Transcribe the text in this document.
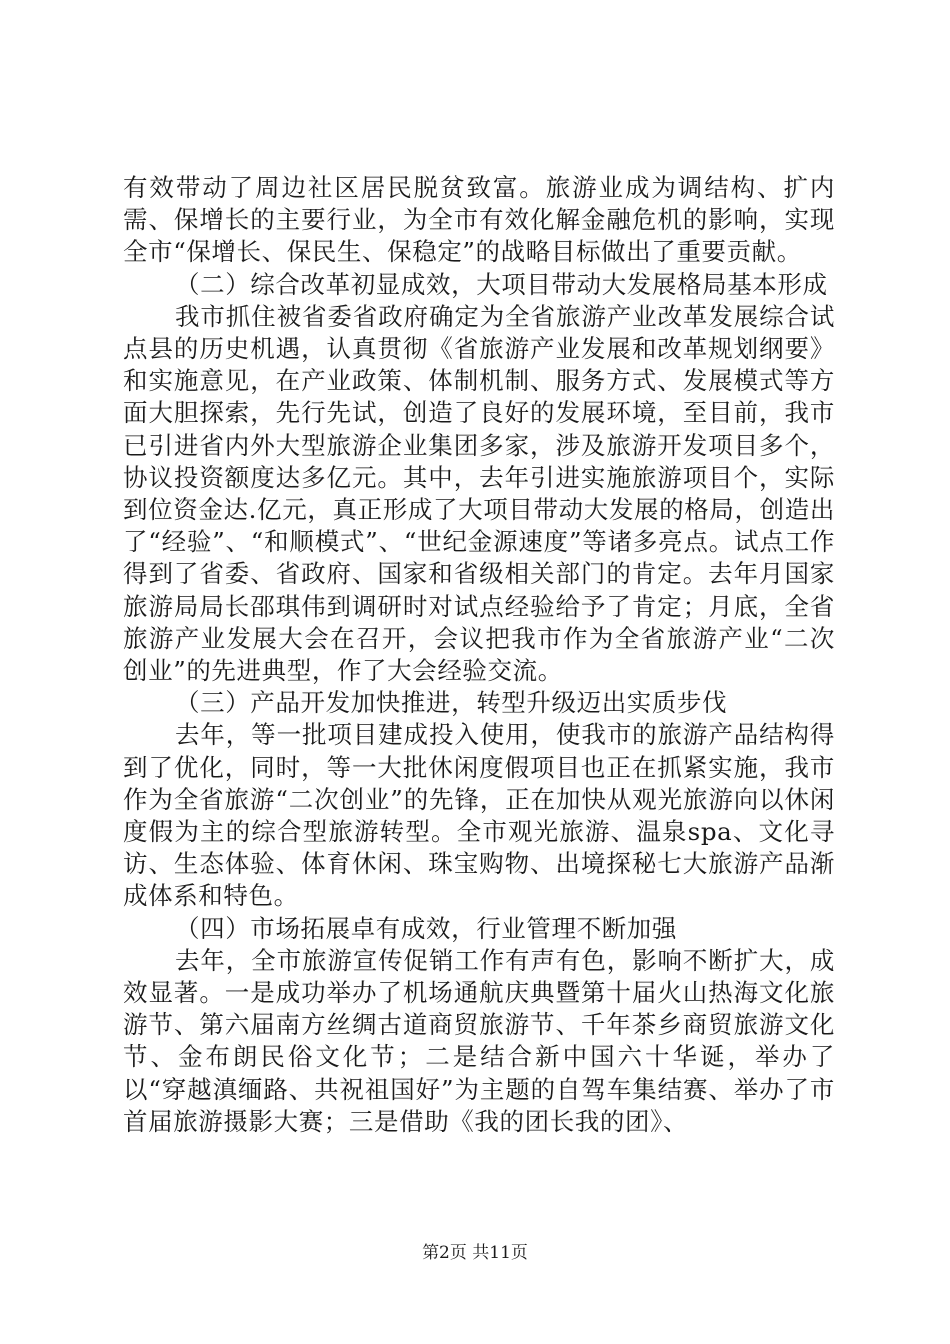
有效带动了周边社区居民脱贫致富。旅游业成为调结构、扩内需、保增长的主要行业，为全市有效化解金融危机的影响，实现全市“保增长、保民生、保稳定”的战略目标做出了重要贡献。

（二）综合改革初显成效，大项目带动大发展格局基本形成

我市抓住被省委省政府确定为全省旅游产业改革发展综合试点县的历史机遇，认真贯彻《省旅游产业发展和改革规划纲要》和实施意见，在产业政策、体制机制、服务方式、发展模式等方面大胆探索，先行先试，创造了良好的发展环境，至目前，我市已引进省内外大型旅游企业集团多家，涉及旅游开发项目多个，协议投资额度达多亿元。其中，去年引进实施旅游项目个，实际到位资金达.亿元，真正形成了大项目带动大发展的格局，创造出了“经验”、“和顺模式”、“世纪金源速度”等诸多亮点。试点工作得到了省委、省政府、国家和省级相关部门的肯定。去年月国家旅游局局长邵琪伟到调研时对试点经验给予了肯定；月底，全省旅游产业发展大会在召开，会议把我市作为全省旅游产业“二次创业”的先进典型，作了大会经验交流。

（三）产品开发加快推进，转型升级迈出实质步伐

去年，等一批项目建成投入使用，使我市的旅游产品结构得到了优化，同时，等一大批休闲度假项目也正在抓紧实施，我市作为全省旅游“二次创业”的先锋，正在加快从观光旅游向以休闲度假为主的综合型旅游转型。全市观光旅游、温泉spa、文化寻访、生态体验、体育休闲、珠宝购物、出境探秘七大旅游产品渐成体系和特色。

（四）市场拓展卓有成效，行业管理不断加强

去年，全市旅游宣传促销工作有声有色，影响不断扩大，成效显著。一是成功举办了机场通航庆典暨第十届火山热海文化旅游节、第六届南方丝绸古道商贸旅游节、千年茶乡商贸旅游文化节、金布朗民俗文化节；二是结合新中国六十华诞，举办了以“穿越滇缅路、共祝祖国好”为主题的自驾车集结赛、举办了市首届旅游摄影大赛；三是借助《我的团长我的团》、

第2页 共11页
